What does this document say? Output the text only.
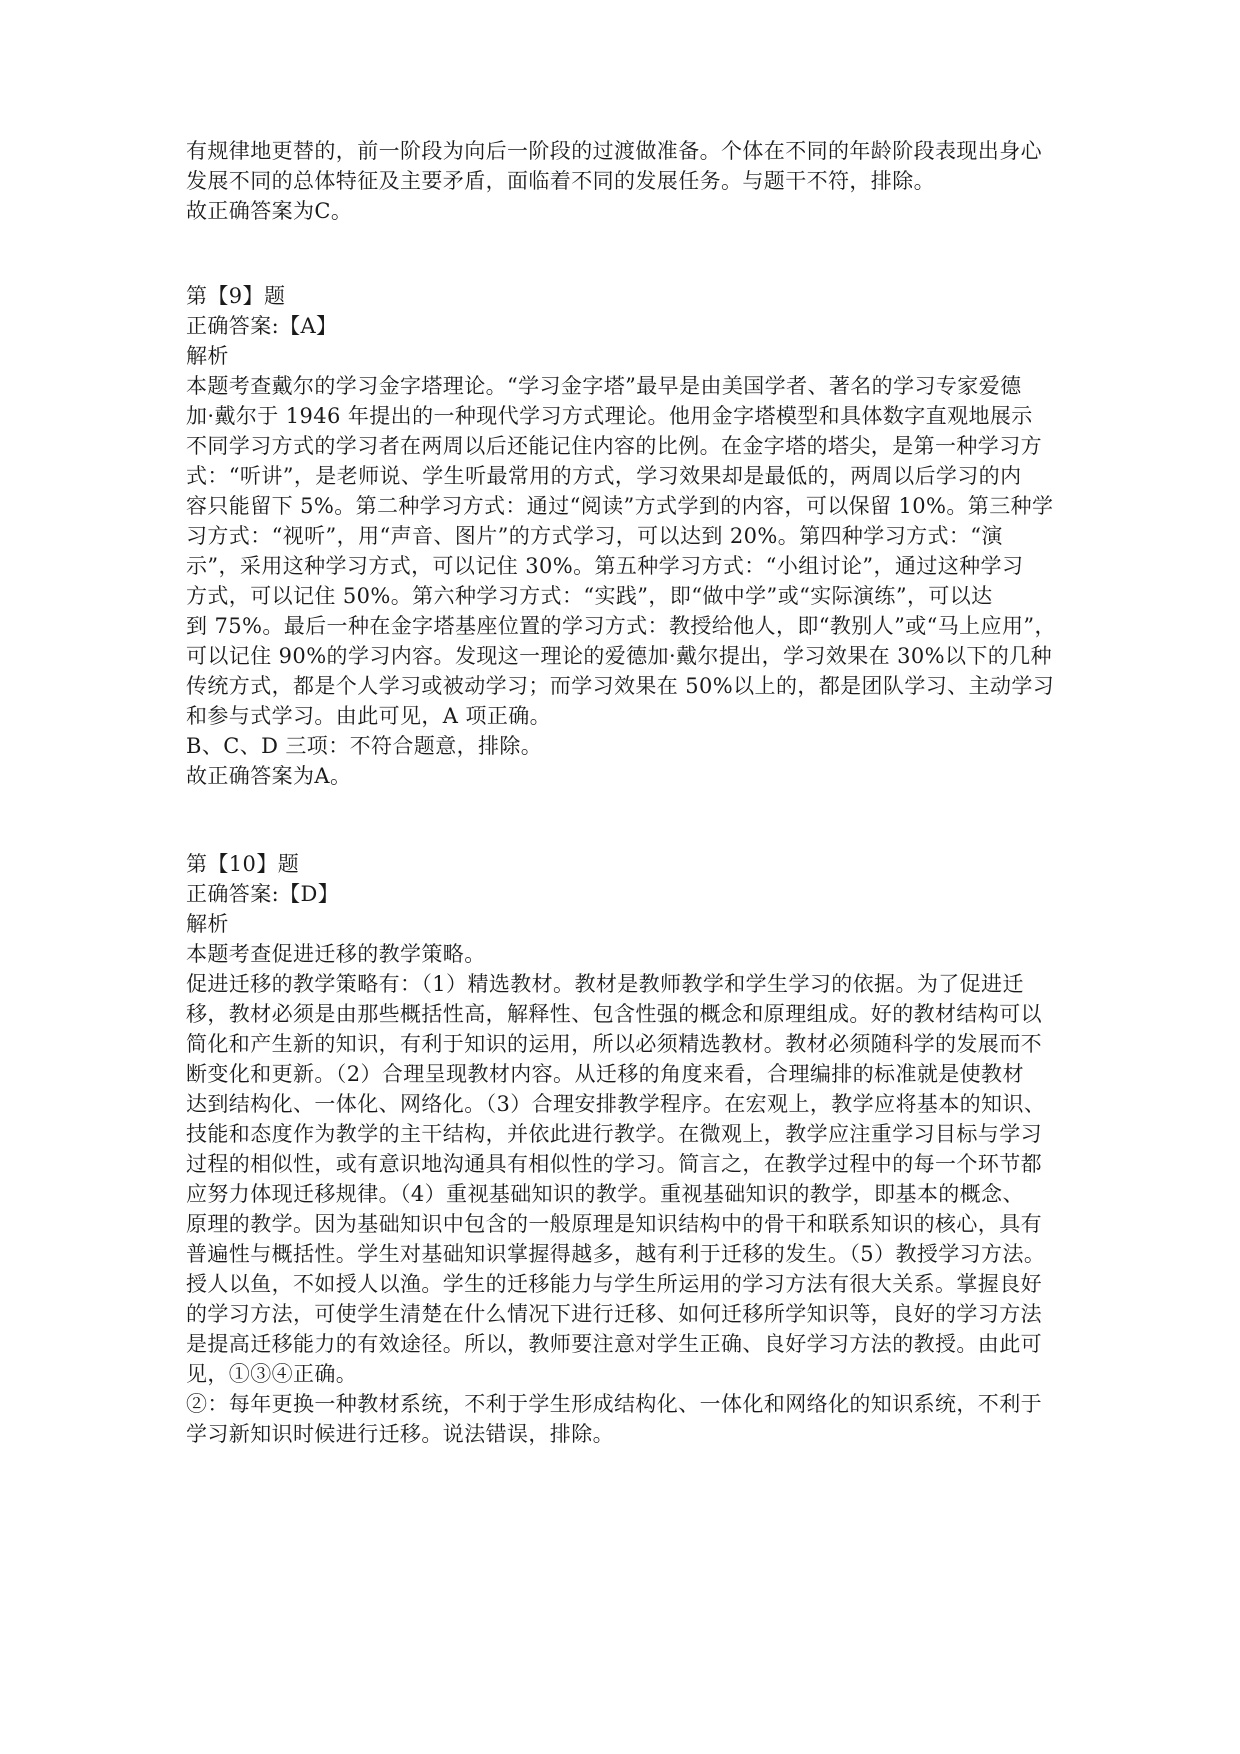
有规律地更替的，前一阶段为向后一阶段的过渡做准备。个体在不同的年龄阶段表现出身心
发展不同的总体特征及主要矛盾，面临着不同的发展任务。与题干不符，排除。
故正确答案为C。
第【9】题
正确答案:【A】
解析
本题考查戴尔的学习金字塔理论。“学习金字塔”最早是由美国学者、著名的学习专家爱德
加·戴尔于 1946 年提出的一种现代学习方式理论。他用金字塔模型和具体数字直观地展示
不同学习方式的学习者在两周以后还能记住内容的比例。在金字塔的塔尖，是第一种学习方
式：“听讲”，是老师说、学生听最常用的方式，学习效果却是最低的，两周以后学习的内
容只能留下 5%。第二种学习方式：通过“阅读”方式学到的内容，可以保留 10%。第三种学
习方式：“视听”，用“声音、图片”的方式学习，可以达到 20%。第四种学习方式：“演
示”，采用这种学习方式，可以记住 30%。第五种学习方式：“小组讨论”，通过这种学习
方式，可以记住 50%。第六种学习方式：“实践”，即“做中学”或“实际演练”，可以达
到 75%。最后一种在金字塔基座位置的学习方式：教授给他人，即“教别人”或“马上应用”，
可以记住 90%的学习内容。发现这一理论的爱德加·戴尔提出，学习效果在 30%以下的几种
传统方式，都是个人学习或被动学习；而学习效果在 50%以上的，都是团队学习、主动学习
和参与式学习。由此可见，A 项正确。
B、C、D 三项：不符合题意，排除。
故正确答案为A。
第【10】题
正确答案:【D】
解析
本题考查促进迁移的教学策略。
促进迁移的教学策略有：（1）精选教材。教材是教师教学和学生学习的依据。为了促进迁
移，教材必须是由那些概括性高，解释性、包含性强的概念和原理组成。好的教材结构可以
简化和产生新的知识，有利于知识的运用，所以必须精选教材。教材必须随科学的发展而不
断变化和更新。（2）合理呈现教材内容。从迁移的角度来看，合理编排的标准就是使教材
达到结构化、一体化、网络化。（3）合理安排教学程序。在宏观上，教学应将基本的知识、
技能和态度作为教学的主干结构，并依此进行教学。在微观上，教学应注重学习目标与学习
过程的相似性，或有意识地沟通具有相似性的学习。简言之，在教学过程中的每一个环节都
应努力体现迁移规律。（4）重视基础知识的教学。重视基础知识的教学，即基本的概念、
原理的教学。因为基础知识中包含的一般原理是知识结构中的骨干和联系知识的核心，具有
普遍性与概括性。学生对基础知识掌握得越多，越有利于迁移的发生。（5）教授学习方法。
授人以鱼，不如授人以渔。学生的迁移能力与学生所运用的学习方法有很大关系。掌握良好
的学习方法，可使学生清楚在什么情况下进行迁移、如何迁移所学知识等，良好的学习方法
是提高迁移能力的有效途径。所以，教师要注意对学生正确、良好学习方法的教授。由此可
见，①③④正确。
②：每年更换一种教材系统，不利于学生形成结构化、一体化和网络化的知识系统，不利于
学习新知识时候进行迁移。说法错误，排除。
